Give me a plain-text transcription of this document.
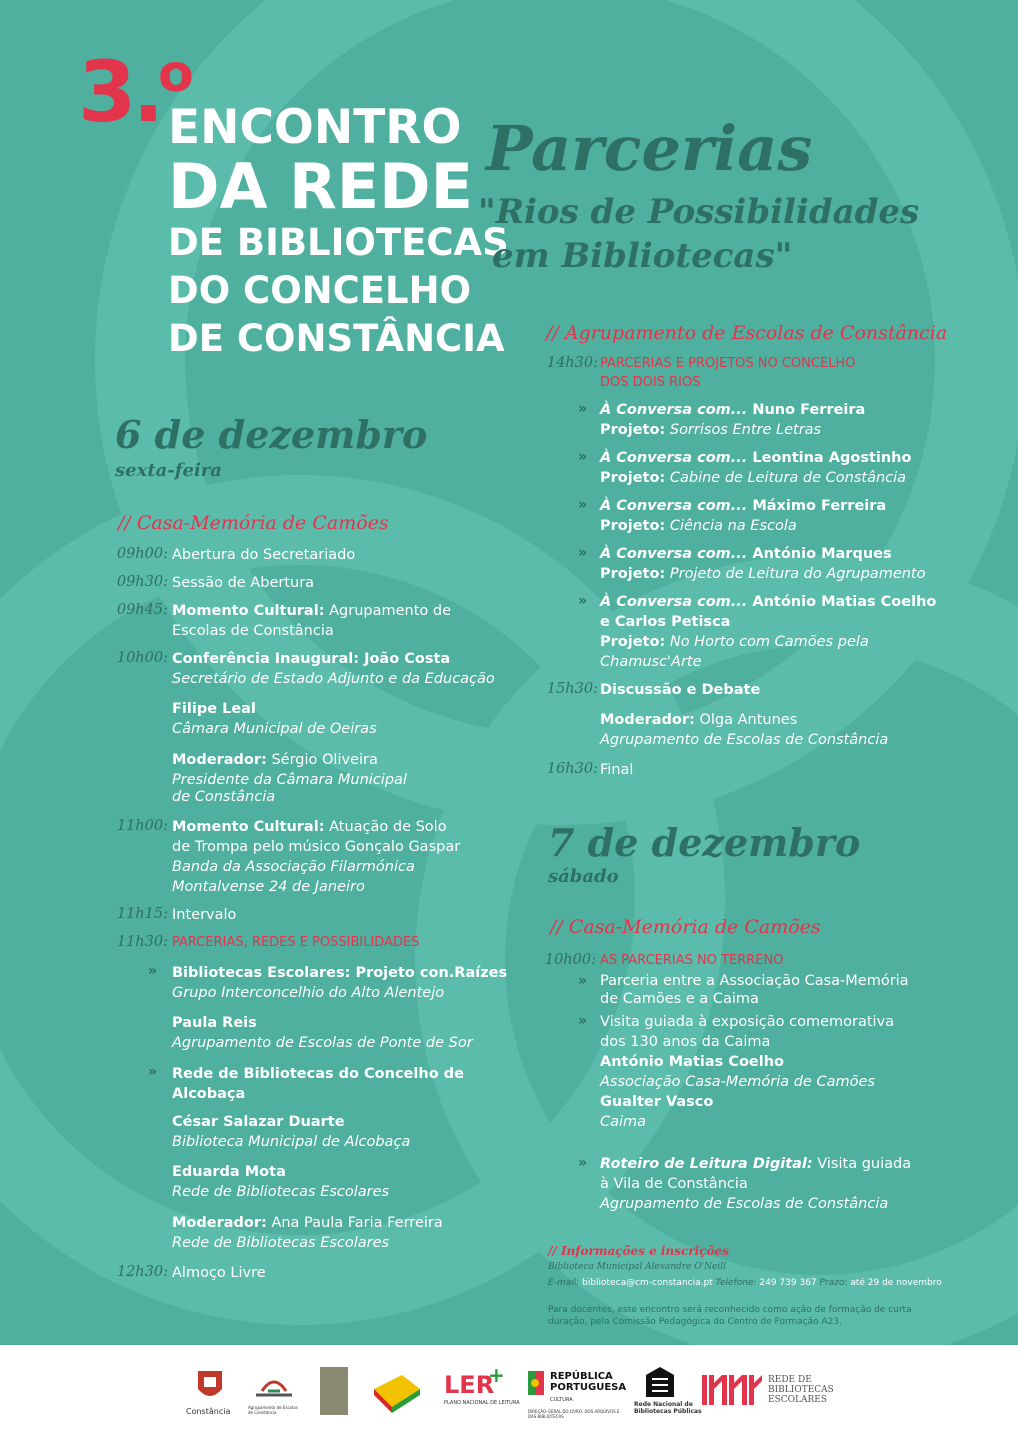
3.
o
ENCONTRO
DA REDE
DE BIBLIOTECAS
DO CONCELHO
DE CONSTÂNCIA
Parcerias
"Rios de Possibilidades
em Bibliotecas"
6 de dezembro
sexta-feira
// Casa-Memória de Camões
09h00: Abertura do Secretariado
09h30: Sessão de Abertura
09h45: Momento Cultural: Agrupamento de
Escolas de Constância
10h00: Conferência Inaugural: João Costa
Secretário de Estado Adjunto e da Educação
Filipe Leal
Câmara Municipal de Oeiras
Moderador: Sérgio Oliveira
Presidente da Câmara Municipal
de Constância
11h00: Momento Cultural: Atuação de Solo
de Trompa pelo músico Gonçalo Gaspar
Banda da Associação Filarmónica
Montalvense 24 de Janeiro
11h15: Intervalo
11h30: PARCERIAS, REDES E POSSIBILIDADES
» Bibliotecas Escolares: Projeto con.Raízes
Grupo Interconcelhio do Alto Alentejo
Paula Reis
Agrupamento de Escolas de Ponte de Sor
» Rede de Bibliotecas do Concelho de
Alcobaça
César Salazar Duarte
Biblioteca Municipal de Alcobaça
Eduarda Mota
Rede de Bibliotecas Escolares
Moderador: Ana Paula Faria Ferreira
Rede de Bibliotecas Escolares
12h30: Almoço Livre
// Agrupamento de Escolas de Constância
14h30: PARCERIAS E PROJETOS NO CONCELHO
DOS DOIS RIOS
» À Conversa com... Nuno Ferreira
Projeto: Sorrisos Entre Letras
» À Conversa com... Leontina Agostinho
Projeto: Cabine de Leitura de Constância
» À Conversa com... Máximo Ferreira
Projeto: Ciência na Escola
» À Conversa com... António Marques
Projeto: Projeto de Leitura do Agrupamento
» À Conversa com... António Matias Coelho
e Carlos Petisca
Projeto: No Horto com Camões pela
Chamusc'Arte
15h30: Discussão e Debate
Moderador: Olga Antunes
Agrupamento de Escolas de Constância
16h30: Final
7 de dezembro
sábado
// Casa-Memória de Camões
10h00: AS PARCERIAS NO TERRENO
» Parceria entre a Associação Casa-Memória
de Camões e a Caima
» Visita guiada à exposição comemorativa
dos 130 anos da Caima
António Matias Coelho
Associação Casa-Memória de Camões
Gualter Vasco
Caima
» Roteiro de Leitura Digital: Visita guiada
à Vila de Constância
Agrupamento de Escolas de Constância
// Informações e inscrições
Biblioteca Municipal Alexandre O'Neill
E-mail: biblioteca@cm-constancia.pt Telefone: 249 739 367 Prazo: até 29 de novembro
Para docentes, este encontro será reconhecido como ação de formação de curta
duração, pela Comissão Pedagógica do Centro de Formação A23.
Constância	Agrupamento de Escolas de Constância
LER
+
PLANO NACIONAL DE LEITURA
REPÚBLICA
PORTUGUESA
CULTURA
DIREÇÃO-GERAL DO LIVRO, DOS ARQUIVOS E DAS BIBLIOTECAS
Rede Nacional de
Bibliotecas Públicas
REDE DE
BIBLIOTECAS
ESCOLARES
